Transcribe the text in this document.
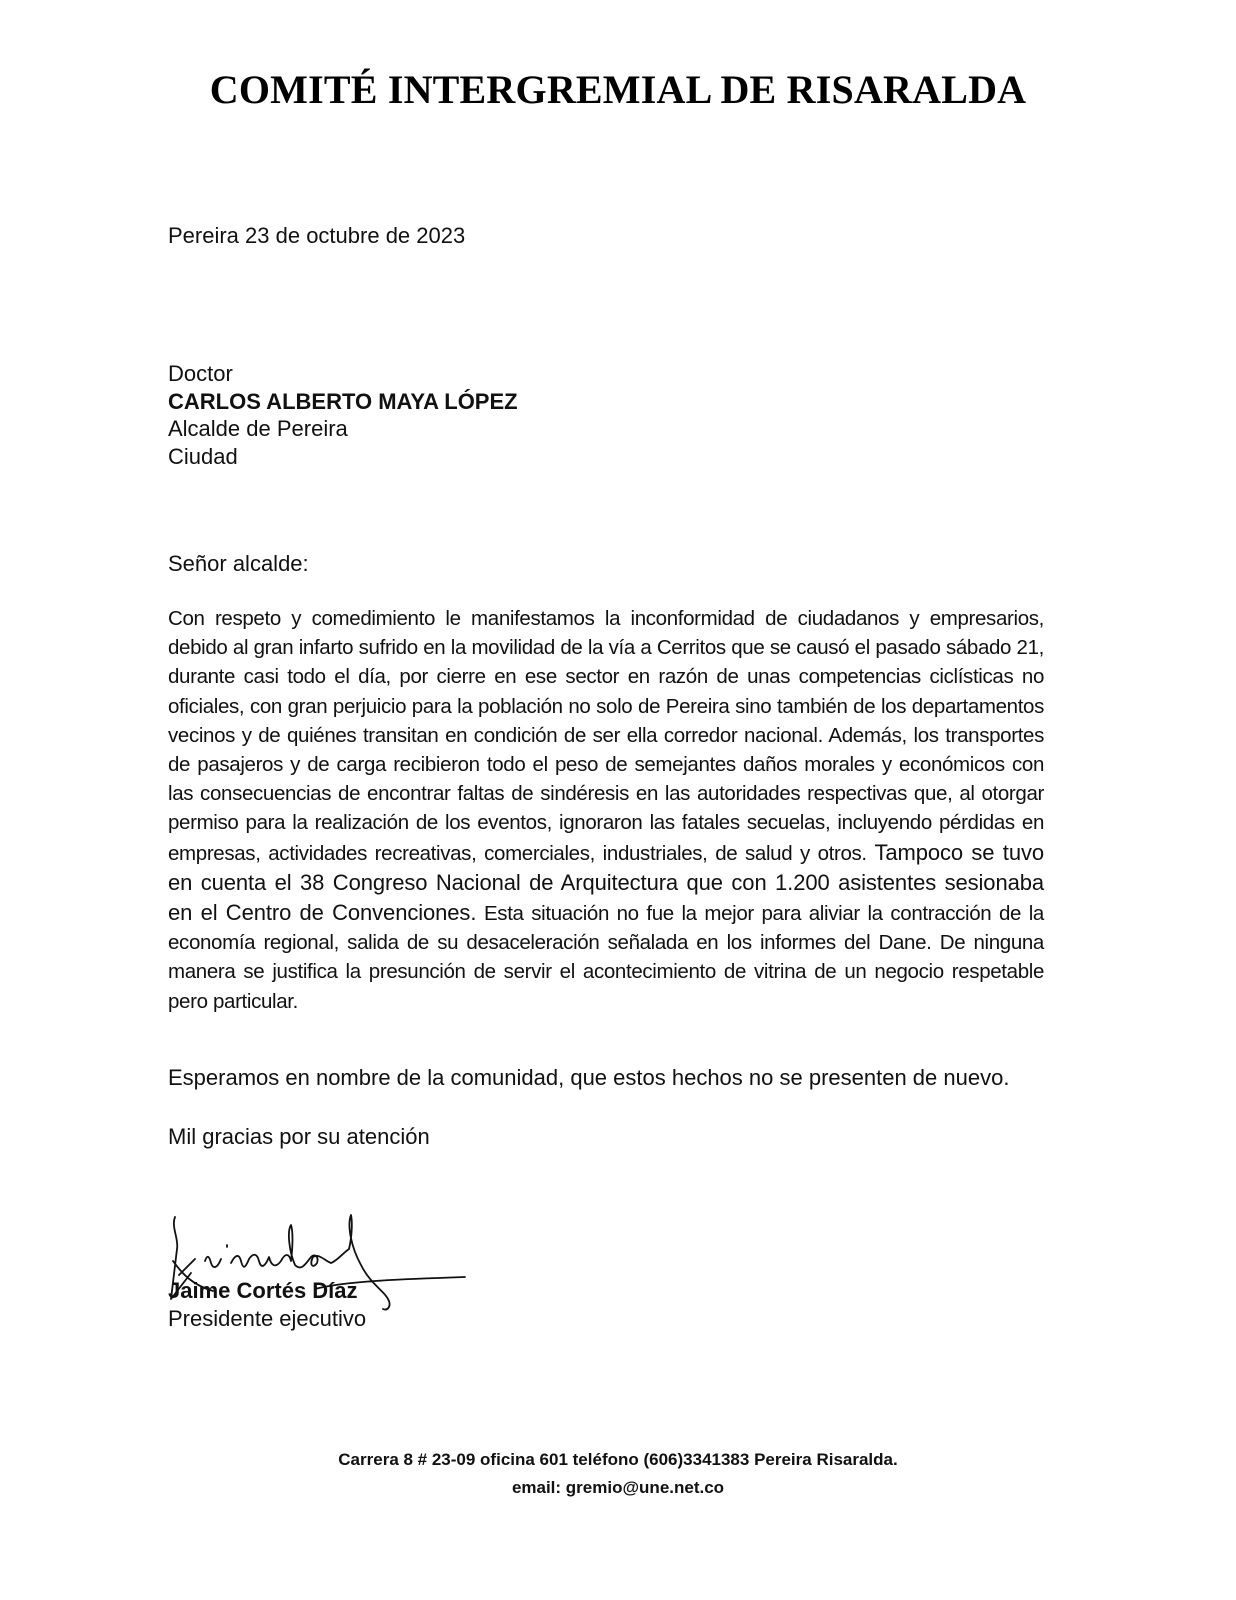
COMITÉ INTERGREMIAL DE RISARALDA
Pereira 23 de octubre de 2023
Doctor
CARLOS ALBERTO MAYA LÓPEZ
Alcalde de Pereira
Ciudad
Señor alcalde:
Con respeto y comedimiento le manifestamos la inconformidad de ciudadanos y empresarios, debido al gran infarto sufrido en la movilidad de la vía a Cerritos que se causó el pasado sábado 21, durante casi todo el día, por cierre en ese sector en razón de unas competencias ciclísticas no oficiales, con gran perjuicio para la población no solo de Pereira sino también de los departamentos vecinos y de quiénes transitan en condición de ser ella corredor nacional. Además, los transportes de pasajeros y de carga recibieron todo el peso de semejantes daños morales y económicos con las consecuencias de encontrar faltas de sindéresis en las autoridades respectivas que, al otorgar permiso para la realización de los eventos, ignoraron las fatales secuelas, incluyendo pérdidas en empresas, actividades recreativas, comerciales, industriales, de salud y otros. Tampoco se tuvo en cuenta el 38 Congreso Nacional de Arquitectura que con 1.200 asistentes sesionaba en el Centro de Convenciones. Esta situación no fue la mejor para aliviar la contracción de la economía regional, salida de su desaceleración señalada en los informes del Dane. De ninguna manera se justifica la presunción de servir el acontecimiento de vitrina de un negocio respetable pero particular.
Esperamos en nombre de la comunidad, que estos hechos no se presenten de nuevo.
Mil gracias por su atención
Jaime Cortés Díaz
Presidente ejecutivo
Carrera 8 # 23-09 oficina 601 teléfono (606)3341383 Pereira Risaralda.
email: gremio@une.net.co
